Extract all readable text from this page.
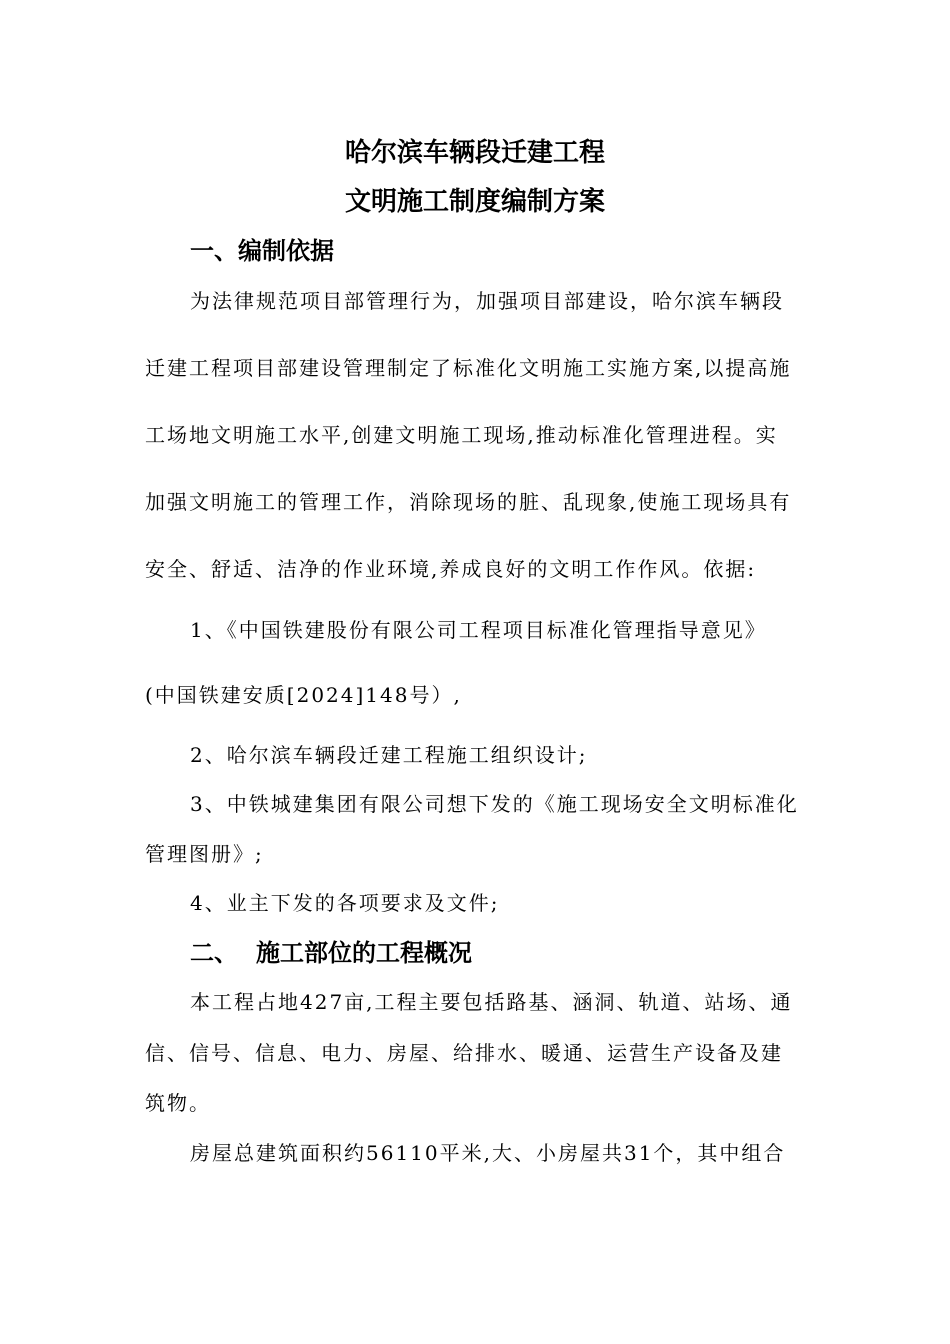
哈尔滨车辆段迁建工程
文明施工制度编制方案
一、编制依据
为法律规范项目部管理行为，加强项目部建设，哈尔滨车辆段
迁建工程项目部建设管理制定了标准化文明施工实施方案,以提高施
工场地文明施工水平,创建文明施工现场,推动标准化管理进程。实
加强文明施工的管理工作，消除现场的脏、乱现象,使施工现场具有
安全、舒适、洁净的作业环境,养成良好的文明工作作风。依据:
1、《中国铁建股份有限公司工程项目标准化管理指导意见》
(中国铁建安质[2024]148号）,
2、哈尔滨车辆段迁建工程施工组织设计;
3、中铁城建集团有限公司想下发的《施工现场安全文明标准化
管理图册》;
4、业主下发的各项要求及文件;
二、 施工部位的工程概况
本工程占地427亩,工程主要包括路基、涵洞、轨道、站场、通
信、信号、信息、电力、房屋、给排水、暖通、运营生产设备及建
筑物。
房屋总建筑面积约56110平米,大、小房屋共31个，其中组合
